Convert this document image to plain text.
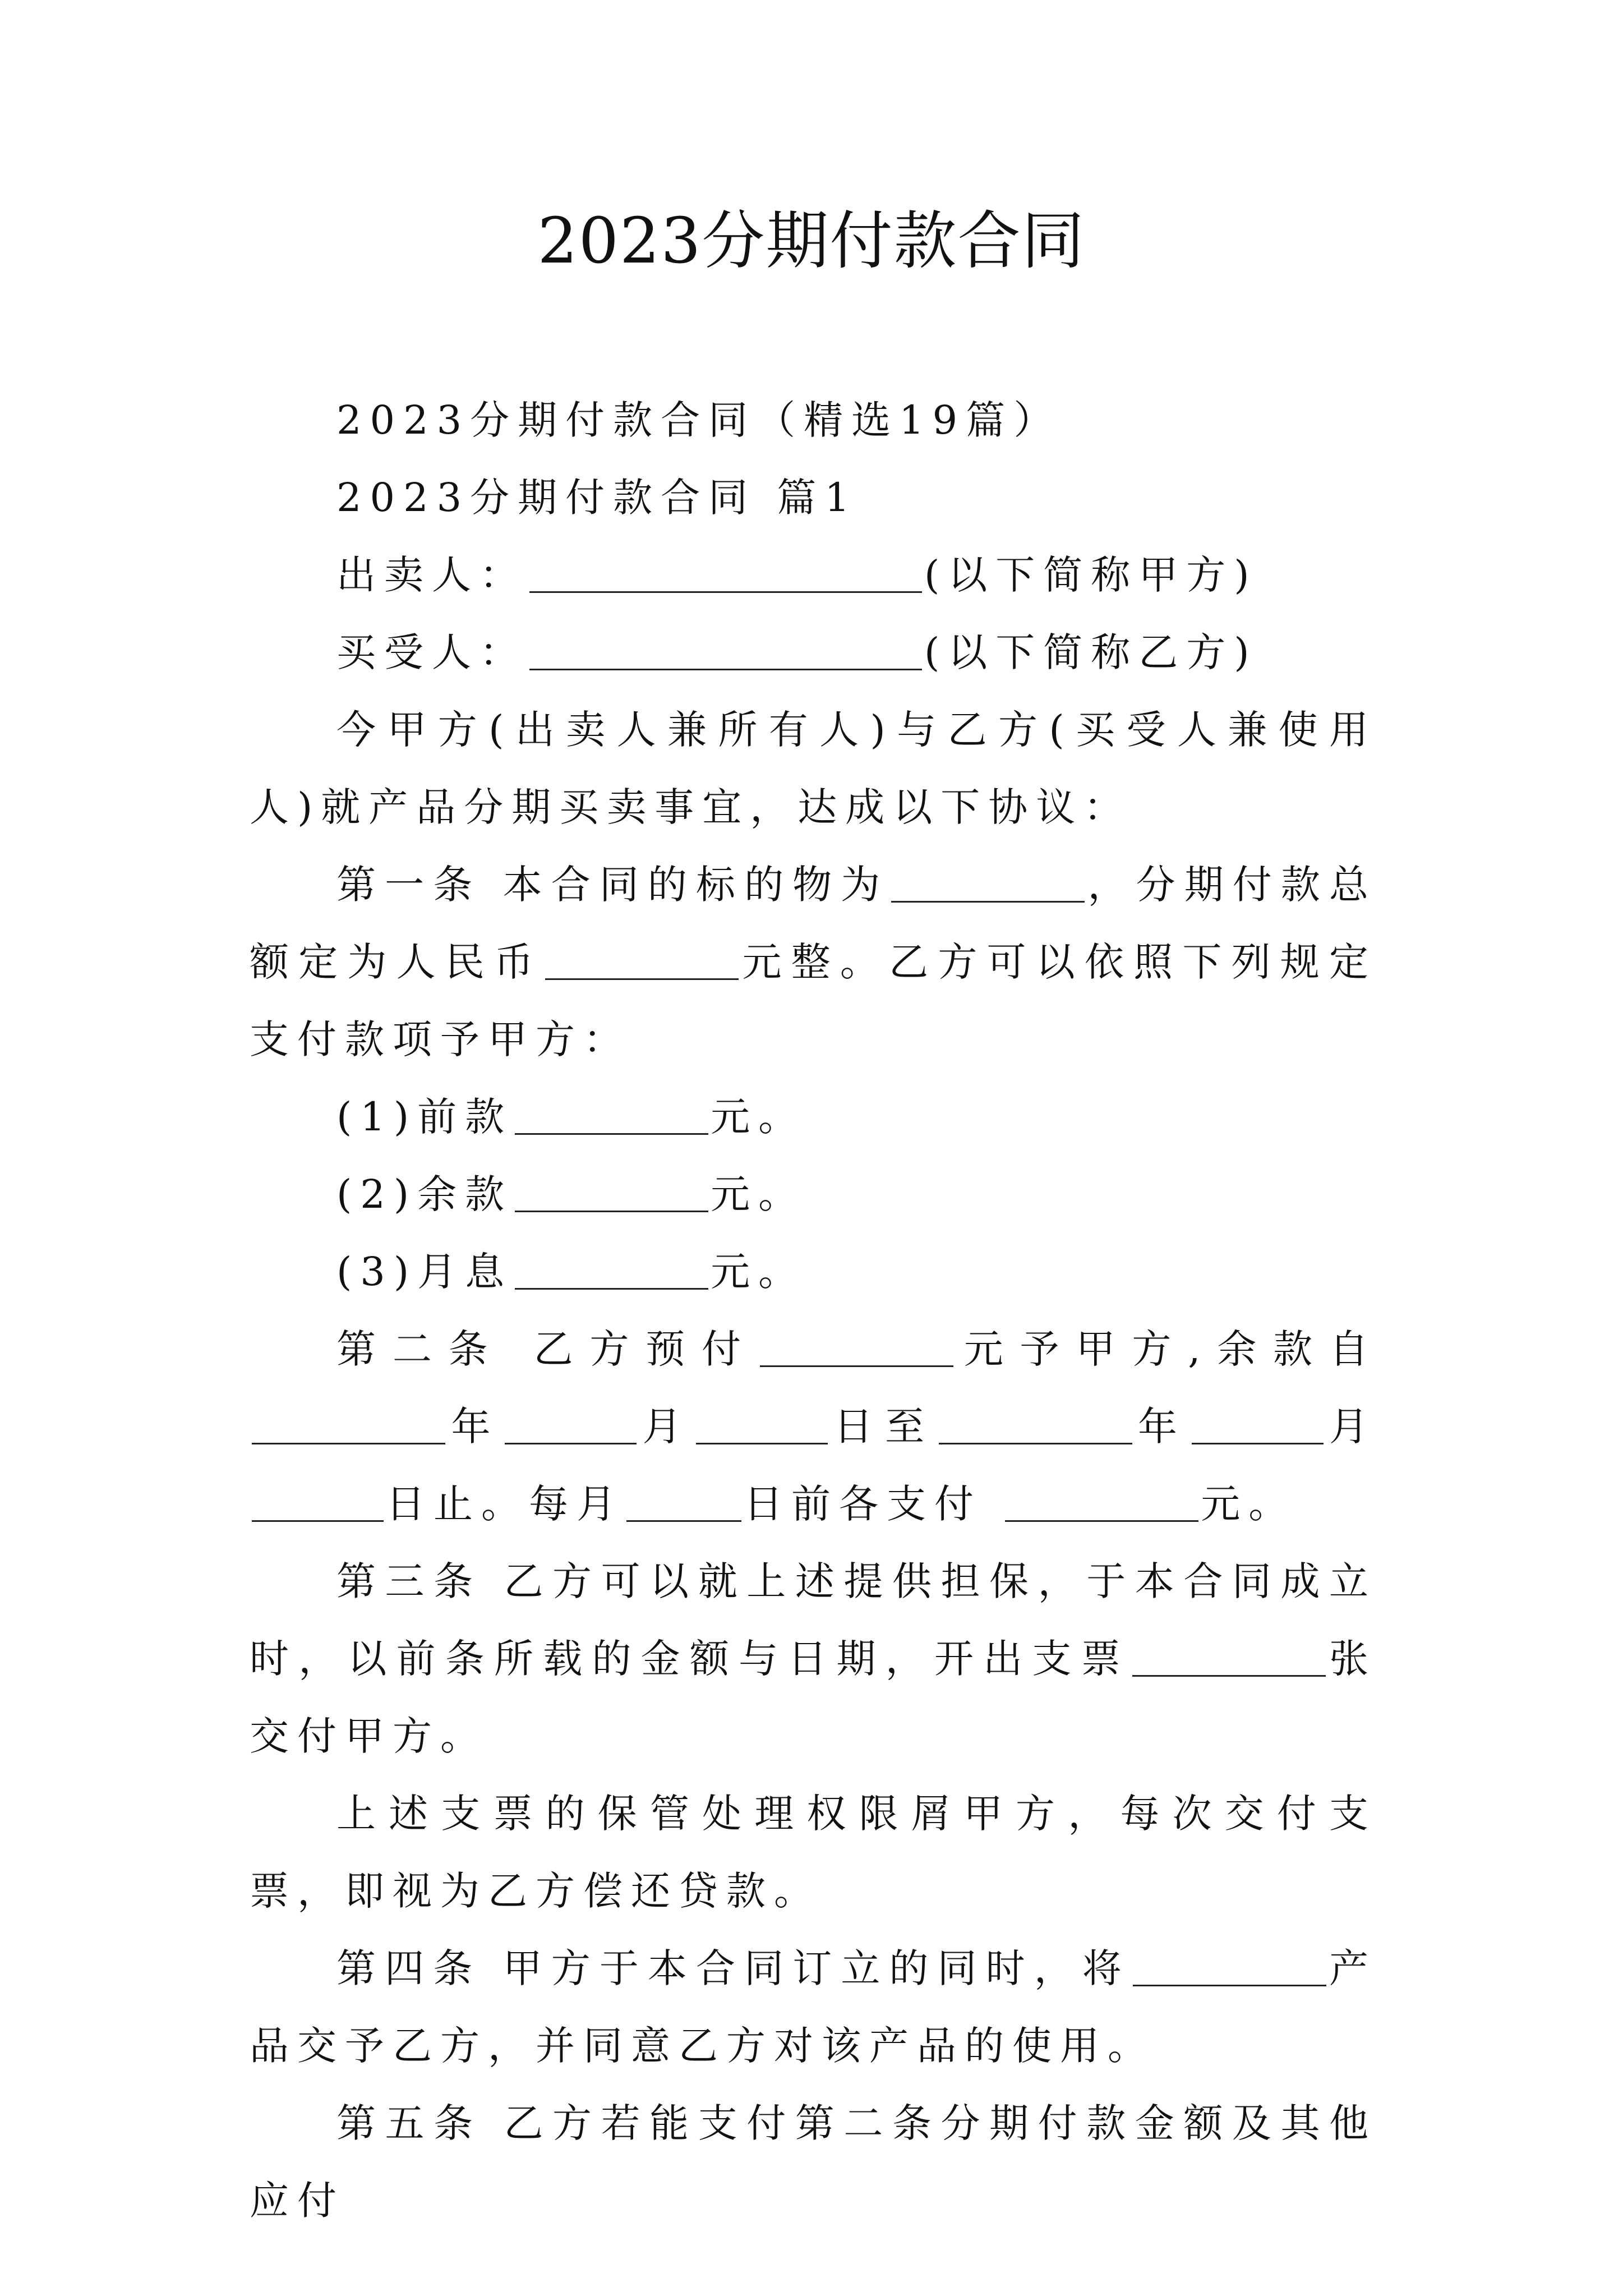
2023分期付款合同

2023分期付款合同（精选19篇）

2023分期付款合同 篇1

出卖人：	(以下简称甲方)

买受人：	(以下简称乙方)

今甲方(出卖人兼所有人)与乙方(买受人兼使用人)就产品分期买卖事宜，达成以下协议：

第一条 本合同的标的物为	，分期付款总额定为人民币	元整。乙方可以依照下列规定支付款项予甲方：

(1)前款	元。

(2)余款	元。

(3)月息	元。

第二条 乙方预付	元予甲方,余款自年	月	日至	年	月日止。每月	日前各支付	元。

第三条 乙方可以就上述提供担保，于本合同成立时，以前条所载的金额与日期，开出支票	张交付甲方。

上述支票的保管处理权限屑甲方，每次交付支票，即视为乙方偿还贷款。

第四条 甲方于本合同订立的同时，将	产品交予乙方，并同意乙方对该产品的使用。

第五条 乙方若能支付第二条分期付款金额及其他应付
